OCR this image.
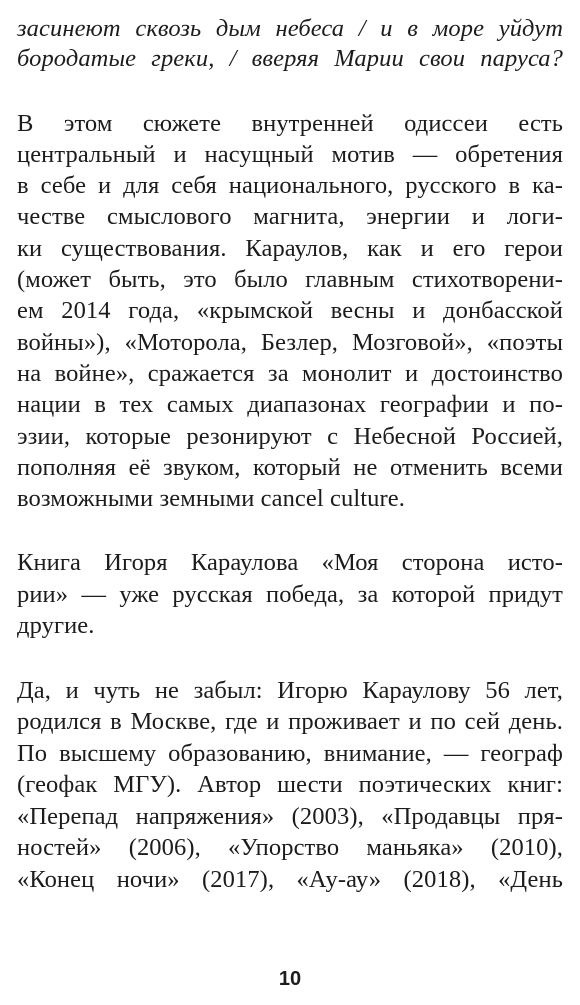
засинеют сквозь дым небеса / и в море уйдут
бородатые греки, / вверяя Марии свои паруса?
В этом сюжете внутренней одиссеи есть
центральный и насущный мотив — обретения
в себе и для себя национального, русского в ка-
честве смыслового магнита, энергии и логи-
ки существования. Караулов, как и его герои
(может быть, это было главным стихотворени-
ем 2014 года, «крымской весны и донбасской
войны»), «Моторола, Безлер, Мозговой», «поэты
на войне», сражается за монолит и достоинство
нации в тех самых диапазонах географии и по-
эзии, которые резонируют с Небесной Россией,
пополняя её звуком, который не отменить всеми
возможными земными cancel culture.
Книга Игоря Караулова «Моя сторона исто-
рии» — уже русская победа, за которой придут
другие.
Да, и чуть не забыл: Игорю Караулову 56 лет,
родился в Москве, где и проживает и по сей день.
По высшему образованию, внимание, — географ
(геофак МГУ). Автор шести поэтических книг:
«Перепад напряжения» (2003), «Продавцы пря-
ностей» (2006), «Упорство маньяка» (2010),
«Конец ночи» (2017), «Ау-ау» (2018), «День
10
